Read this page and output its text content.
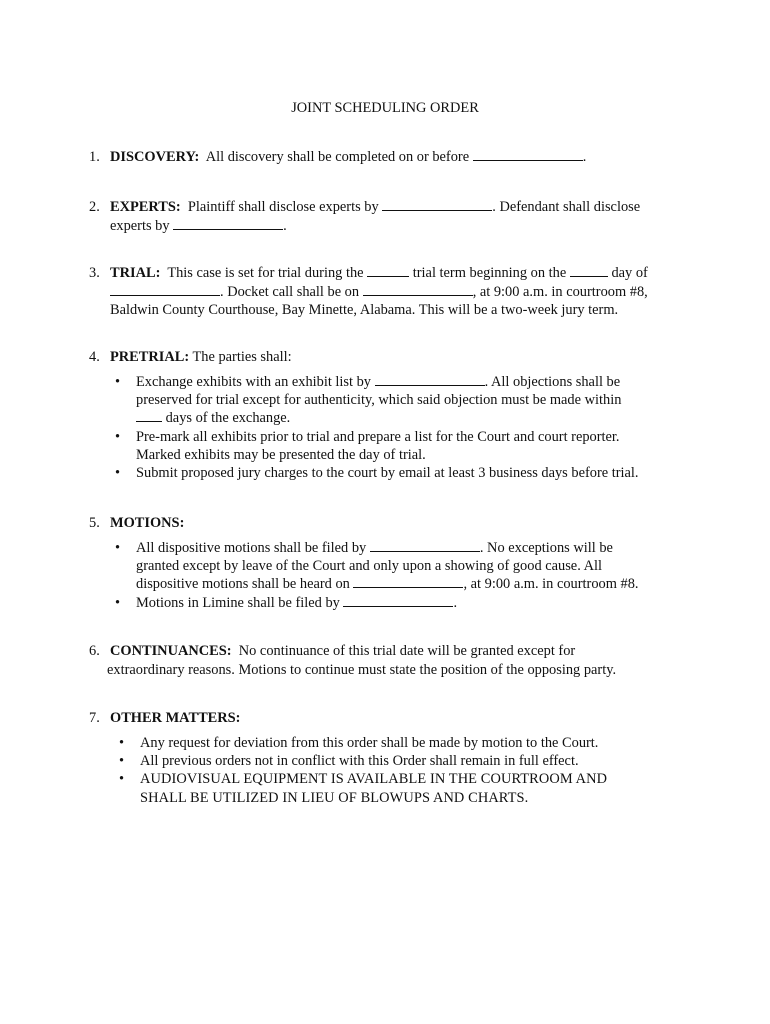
JOINT SCHEDULING ORDER
1. DISCOVERY: All discovery shall be completed on or before	.
2. EXPERTS: Plaintiff shall disclose experts by	. Defendant shall disclose
experts by	.
3. TRIAL: This case is set for trial during the	trial term beginning on the	day of
. Docket call shall be on	, at 9:00 a.m. in courtroom #8,
Baldwin County Courthouse, Bay Minette, Alabama. This will be a two-week jury term.
4. PRETRIAL: The parties shall:
• Exchange exhibits with an exhibit list by	. All objections shall be
preserved for trial except for authenticity, which said objection must be made within
days of the exchange.
• Pre-mark all exhibits prior to trial and prepare a list for the Court and court reporter.
Marked exhibits may be presented the day of trial.
• Submit proposed jury charges to the court by email at least 3 business days before trial.
5. MOTIONS:
• All dispositive motions shall be filed by	. No exceptions will be
granted except by leave of the Court and only upon a showing of good cause. All
dispositive motions shall be heard on	, at 9:00 a.m. in courtroom #8.
• Motions in Limine shall be filed by	.
6. CONTINUANCES: No continuance of this trial date will be granted except for
extraordinary reasons. Motions to continue must state the position of the opposing party.
7. OTHER MATTERS:
• Any request for deviation from this order shall be made by motion to the Court.
• All previous orders not in conflict with this Order shall remain in full effect.
• AUDIOVISUAL EQUIPMENT IS AVAILABLE IN THE COURTROOM AND
SHALL BE UTILIZED IN LIEU OF BLOWUPS AND CHARTS.
